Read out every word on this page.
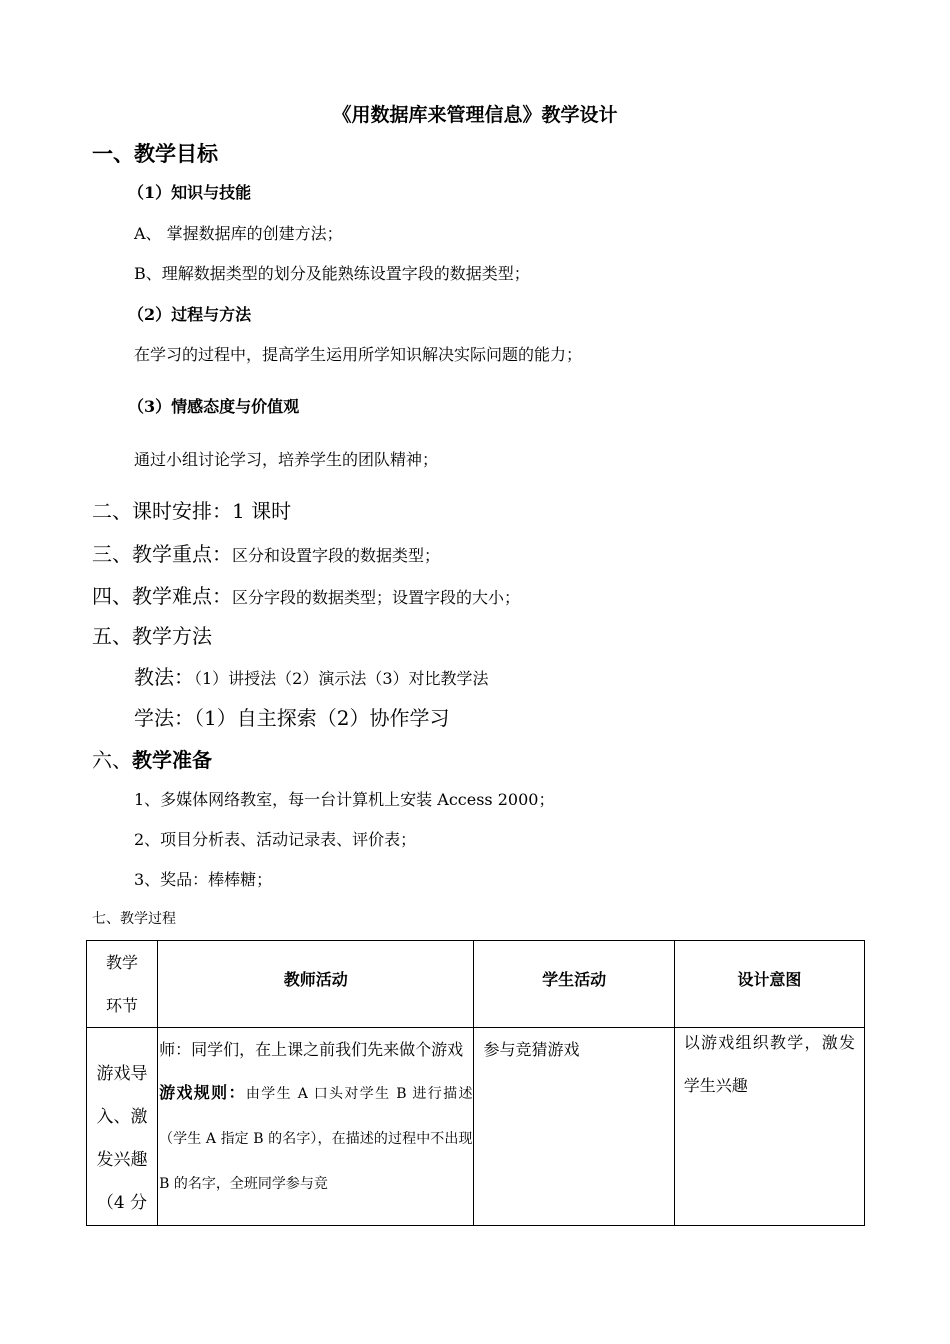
《用数据库来管理信息》教学设计
一、教学目标
（1）知识与技能
A、 掌握数据库的创建方法；
B、理解数据类型的划分及能熟练设置字段的数据类型；
（2）过程与方法
在学习的过程中，提高学生运用所学知识解决实际问题的能力；
（3）情感态度与价值观
通过小组讨论学习，培养学生的团队精神；
二、课时安排：1 课时
三、教学重点：区分和设置字段的数据类型；
四、教学难点：区分字段的数据类型；设置字段的大小；
五、教学方法
教法：（1）讲授法（2）演示法（3）对比教学法
学法：（1）自主探索（2）协作学习
六、教学准备
1、多媒体网络教室，每一台计算机上安装 Access 2000；
2、项目分析表、活动记录表、评价表；
3、奖品：棒棒糖；
七、教学过程
教学
环节	教师活动	学生活动	设计意图

游戏导入、激发兴趣（4 分	师：同学们，在上课之前我们先来做个游戏
游戏规则：由学生 A 口头对学生 B 进行描述（学生 A 指定 B 的名字），在描述的过程中不出现 B 的名字，全班同学参与竞	参与竞猜游戏	以游戏组织教学，激发学生兴趣
